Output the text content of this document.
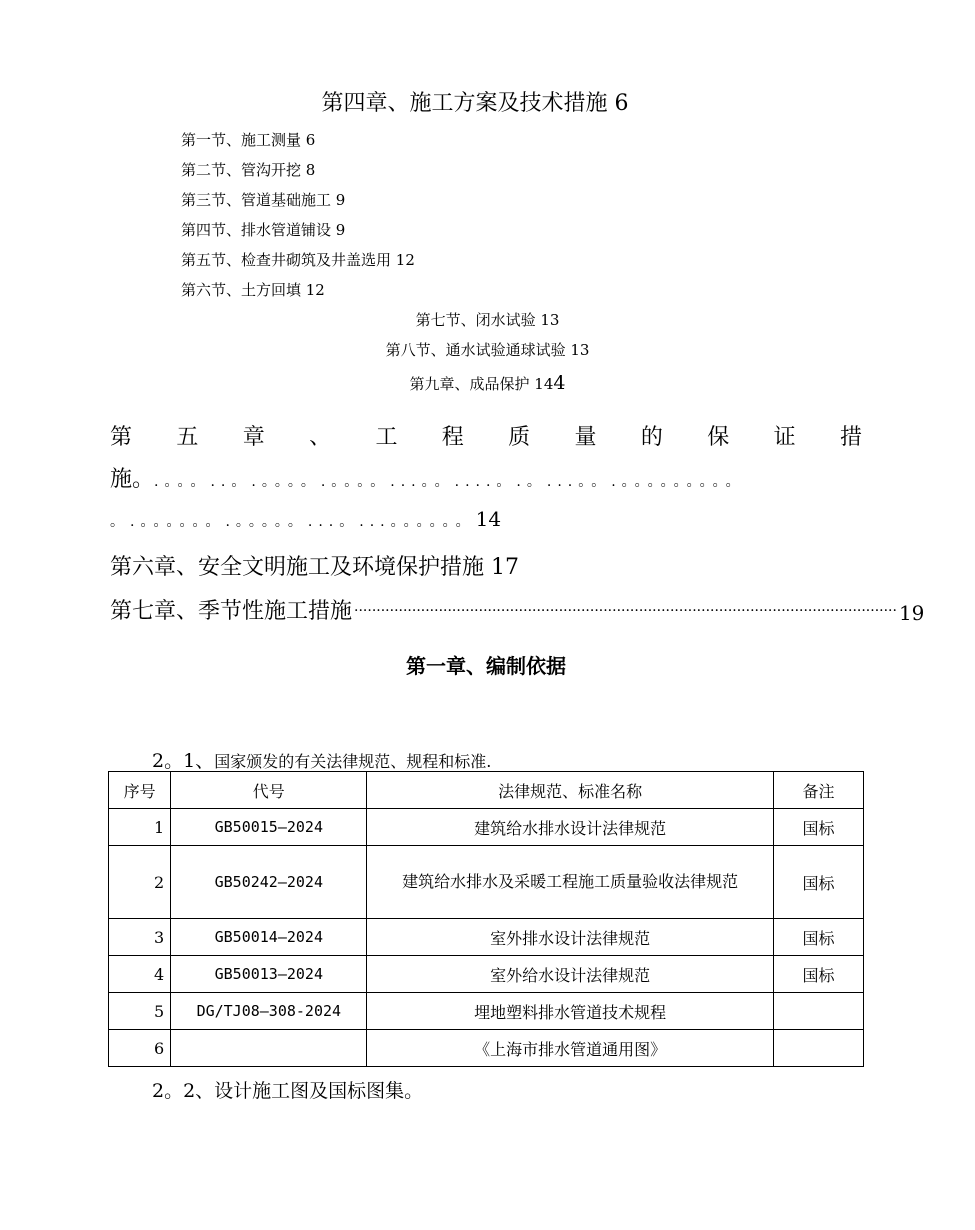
第四章、施工方案及技术措施 6
第一节、施工测量 6
第二节、管沟开挖 8
第三节、管道基础施工 9
第四节、排水管道铺设 9
第五节、检查井砌筑及井盖选用 12
第六节、土方回填 12
第七节、闭水试验 13
第八节、通水试验通球试验 13
第九章、成品保护 144
第 五 章 、 工 程 质 量 的 保 证 措
施。.。。。..。.。。。。.。。。。...。。....。.。...。。.。。。。。。。。。
。.。。。。。。.。。。。。...。...。。。。。。14
第六章、安全文明施工及环境保护措施 17
第七章、季节性施工措施 ·························································································································· 19
第一章、编制依据
2。1、国家颁发的有关法律规范、规程和标准.
序号	代号	法律规范、标准名称	备注
1	GB50015—2024	建筑给水排水设计法律规范	国标
2	GB50242—2024	建筑给水排水及采暖工程施工质量验收法律规范	国标
3	GB50014—2024	室外排水设计法律规范	国标
4	GB50013—2024	室外给水设计法律规范	国标
5	DG/TJ08—308-2024	埋地塑料排水管道技术规程	
6		《上海市排水管道通用图》	
2。2、设计施工图及国标图集。
